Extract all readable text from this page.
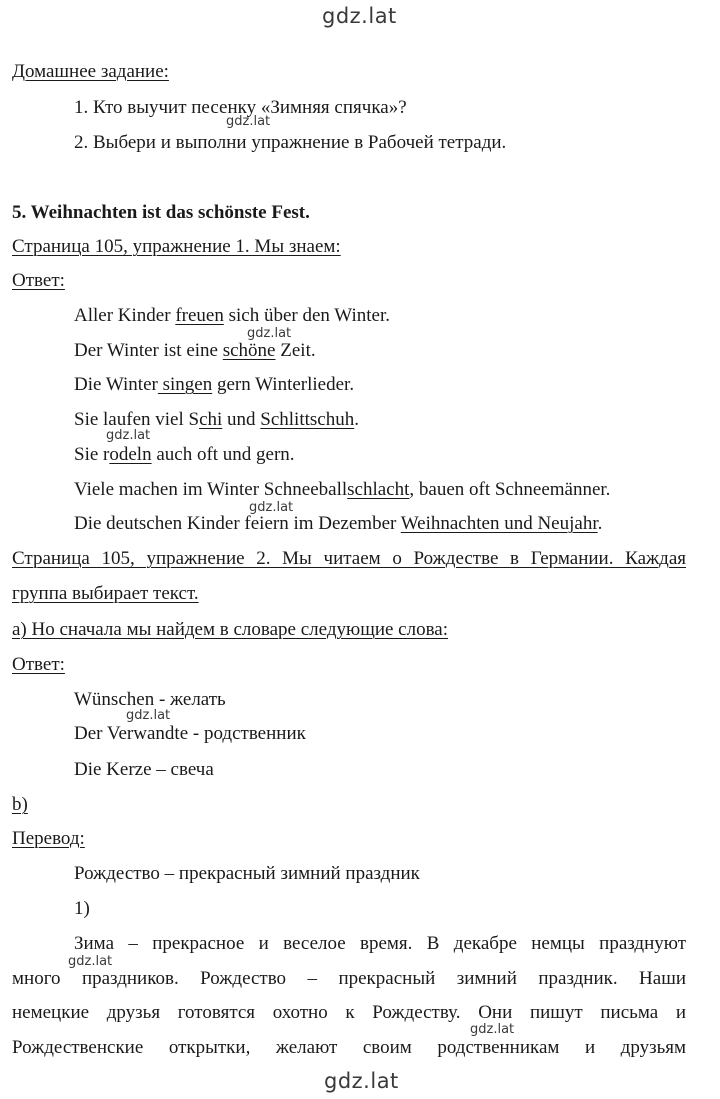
gdz.lat
gdz.lat
gdz.lat
gdz.lat
gdz.lat
gdz.lat
gdz.lat
gdz.lat
gdz.lat
Домашнее задание:
1. Кто выучит песенку «Зимняя спячка»?
2. Выбери и выполни упражнение в Рабочей тетради.
5. Weihnachten ist das schönste Fest.
Страница 105, упражнение 1. Мы знаем:
Ответ:
Aller Kinder freuen sich über den Winter.
Der Winter ist eine schöne Zeit.
Die Winter singen gern Winterlieder.
Sie laufen viel Schi und Schlittschuh.
Sie rodeln auch oft und gern.
Viele machen im Winter Schneeballschlacht, bauen oft Schneemänner.
Die deutschen Kinder feiern im Dezember Weihnachten und Neujahr.
Страница 105, упражнение 2. Мы читаем о Рождестве в Германии. Каждая
группа выбирает текст.
а) Но сначала мы найдем в словаре следующие слова:
Ответ:
Wünschen - желать
Der Verwandte - родственник
Die Kerze – свеча
b)
Перевод:
Рождество – прекрасный зимний праздник
1)
Зима – прекрасное и веселое время. В декабре немцы празднуют
много праздников. Рождество – прекрасный зимний праздник. Наши
немецкие друзья готовятся охотно к Рождеству. Они пишут письма и
Рождественские открытки, желают своим родственникам и друзьям
